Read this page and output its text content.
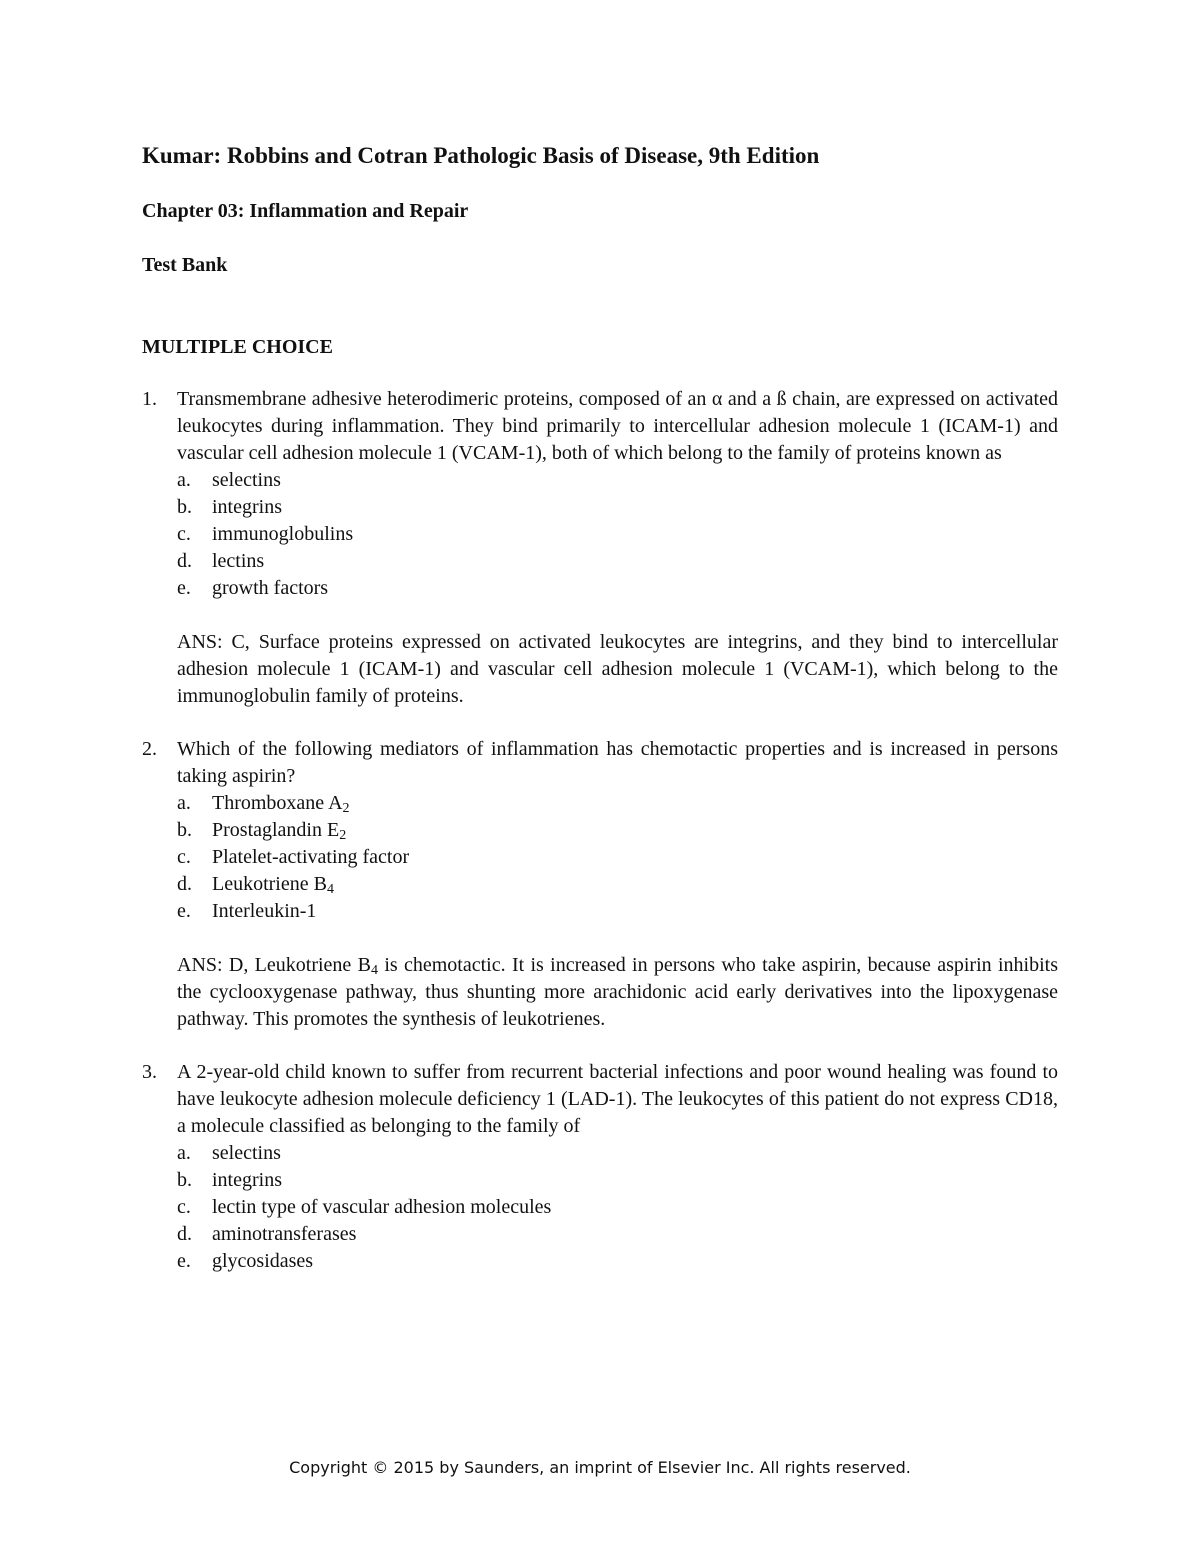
Kumar: Robbins and Cotran Pathologic Basis of Disease, 9th Edition
Chapter 03: Inflammation and Repair
Test Bank
MULTIPLE CHOICE
1. Transmembrane adhesive heterodimeric proteins, composed of an α and a ß chain, are expressed on activated leukocytes during inflammation. They bind primarily to intercellular adhesion molecule 1 (ICAM-1) and vascular cell adhesion molecule 1 (VCAM-1), both of which belong to the family of proteins known as

a. selectins
b. integrins
c. immunoglobulins
d. lectins
e. growth factors

ANS: C, Surface proteins expressed on activated leukocytes are integrins, and they bind to intercellular adhesion molecule 1 (ICAM-1) and vascular cell adhesion molecule 1 (VCAM-1), which belong to the immunoglobulin family of proteins.

2. Which of the following mediators of inflammation has chemotactic properties and is increased in persons taking aspirin?

a. Thromboxane $A_2$
b. Prostaglandin $E_2$
c. Platelet-activating factor
d. Leukotriene $B_4$
e. Interleukin-1

ANS: D, Leukotriene $B_4$ is chemotactic. It is increased in persons who take aspirin, because aspirin inhibits the cyclooxygenase pathway, thus shunting more arachidonic acid early derivatives into the lipoxygenase pathway. This promotes the synthesis of leukotrienes.

3. A 2-year-old child known to suffer from recurrent bacterial infections and poor wound healing was found to have leukocyte adhesion molecule deficiency 1 (LAD-1). The leukocytes of this patient do not express CD18, a molecule classified as belonging to the family of

a. selectins
b. integrins
c. lectin type of vascular adhesion molecules
d. aminotransferases
e. glycosidases
Copyright © 2015 by Saunders, an imprint of Elsevier Inc. All rights reserved.
